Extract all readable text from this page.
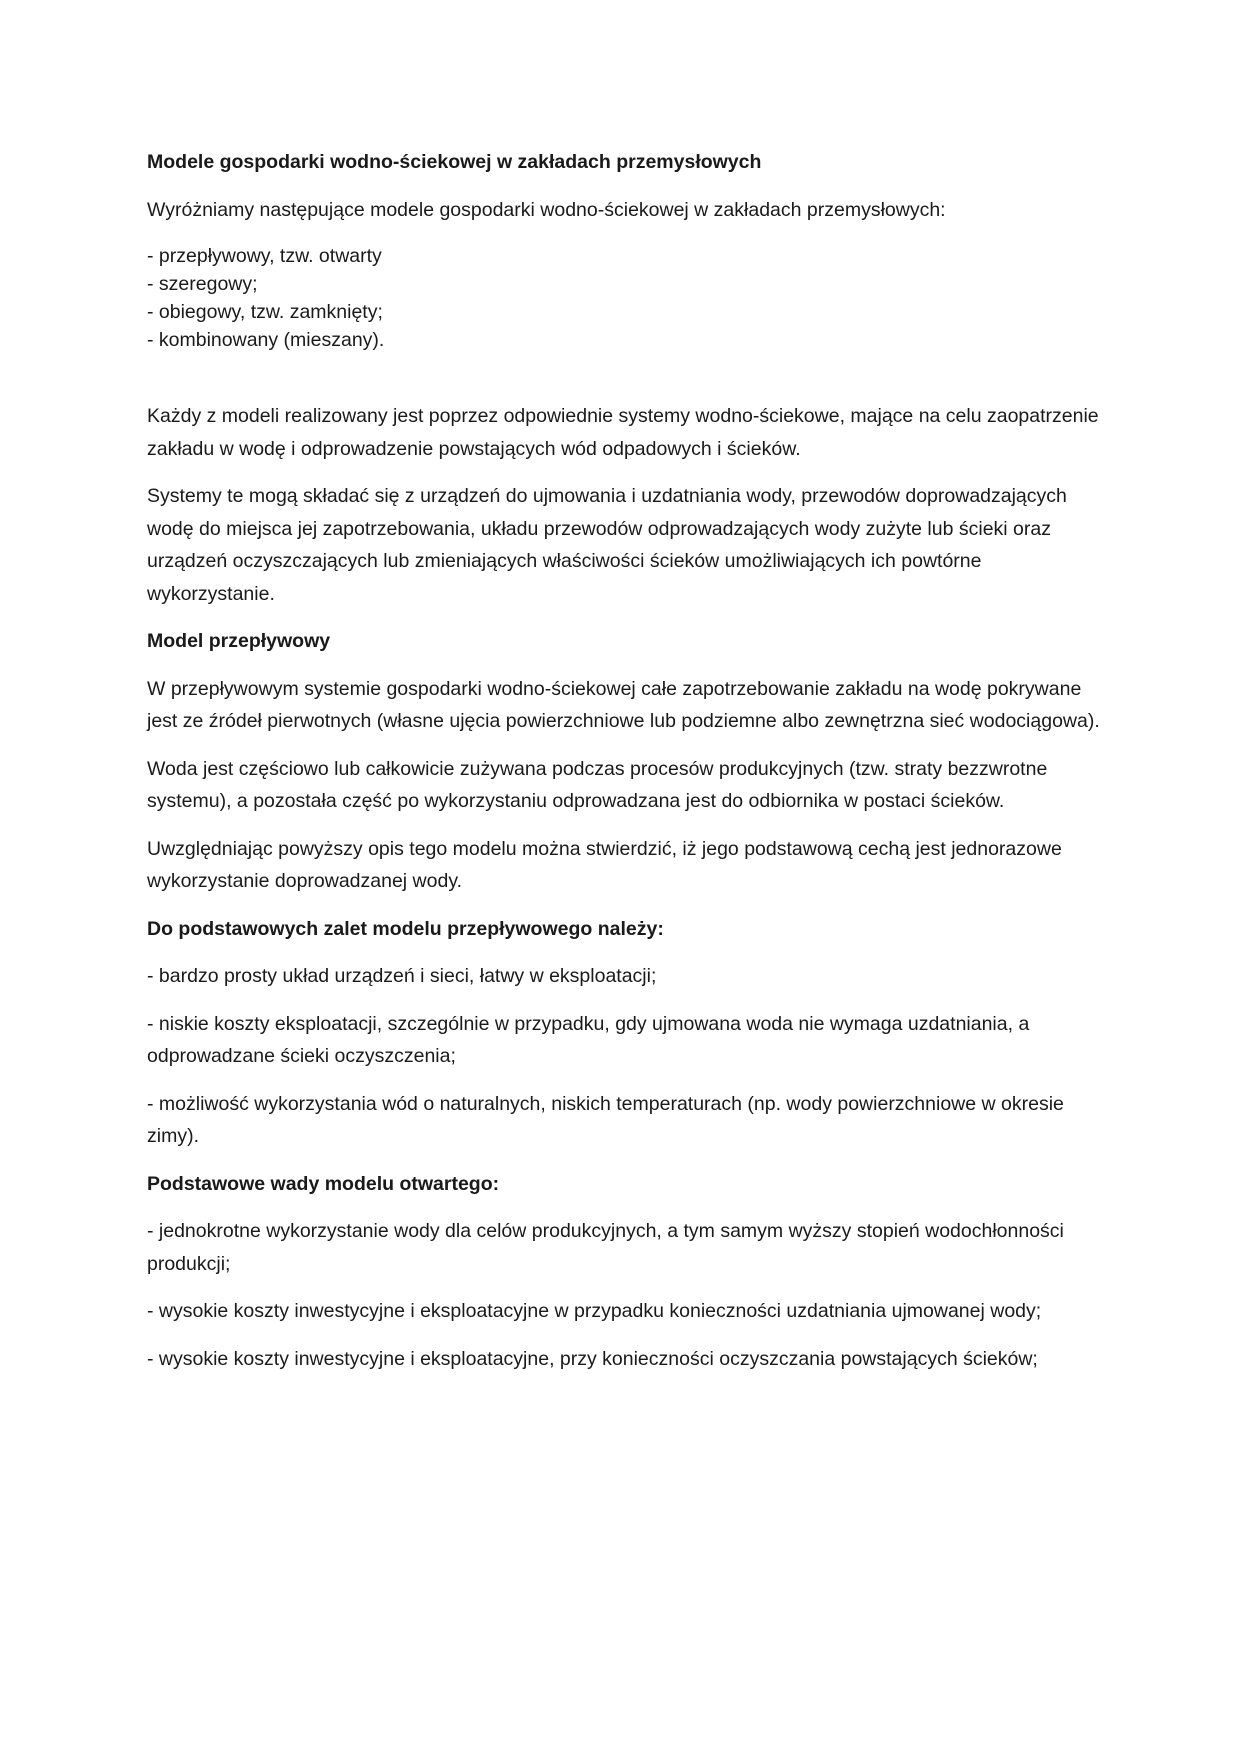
Modele gospodarki wodno-ściekowej w zakładach przemysłowych

Wyróżniamy następujące modele gospodarki wodno-ściekowej w zakładach przemysłowych:

- przepływowy, tzw. otwarty

- szeregowy;

- obiegowy, tzw. zamknięty;

- kombinowany (mieszany).

Każdy z modeli realizowany jest poprzez odpowiednie systemy wodno-ściekowe, mające na celu zaopatrzenie zakładu w wodę i odprowadzenie powstających wód odpadowych i ścieków.

Systemy te mogą składać się z urządzeń do ujmowania i uzdatniania wody, przewodów doprowadzających wodę do miejsca jej zapotrzebowania, układu przewodów odprowadzających wody zużyte lub ścieki oraz urządzeń oczyszczających lub zmieniających właściwości ścieków umożliwiających ich powtórne wykorzystanie.

Model przepływowy

W przepływowym systemie gospodarki wodno-ściekowej całe zapotrzebowanie zakładu na wodę pokrywane jest ze źródeł pierwotnych (własne ujęcia powierzchniowe lub podziemne albo zewnętrzna sieć wodociągowa).

Woda jest częściowo lub całkowicie zużywana podczas procesów produkcyjnych (tzw. straty bezzwrotne systemu), a pozostała część po wykorzystaniu odprowadzana jest do odbiornika w postaci ścieków.

Uwzględniając powyższy opis tego modelu można stwierdzić, iż jego podstawową cechą jest jednorazowe wykorzystanie doprowadzanej wody.

Do podstawowych zalet modelu przepływowego należy:

- bardzo prosty układ urządzeń i sieci, łatwy w eksploatacji;

- niskie koszty eksploatacji, szczególnie w przypadku, gdy ujmowana woda nie wymaga uzdatniania, a odprowadzane ścieki oczyszczenia;

- możliwość wykorzystania wód o naturalnych, niskich temperaturach (np. wody powierzchniowe w okresie zimy).

Podstawowe wady modelu otwartego:

- jednokrotne wykorzystanie wody dla celów produkcyjnych, a tym samym wyższy stopień wodochłonności produkcji;

- wysokie koszty inwestycyjne i eksploatacyjne w przypadku konieczności uzdatniania ujmowanej wody;

- wysokie koszty inwestycyjne i eksploatacyjne, przy konieczności oczyszczania powstających ścieków;
